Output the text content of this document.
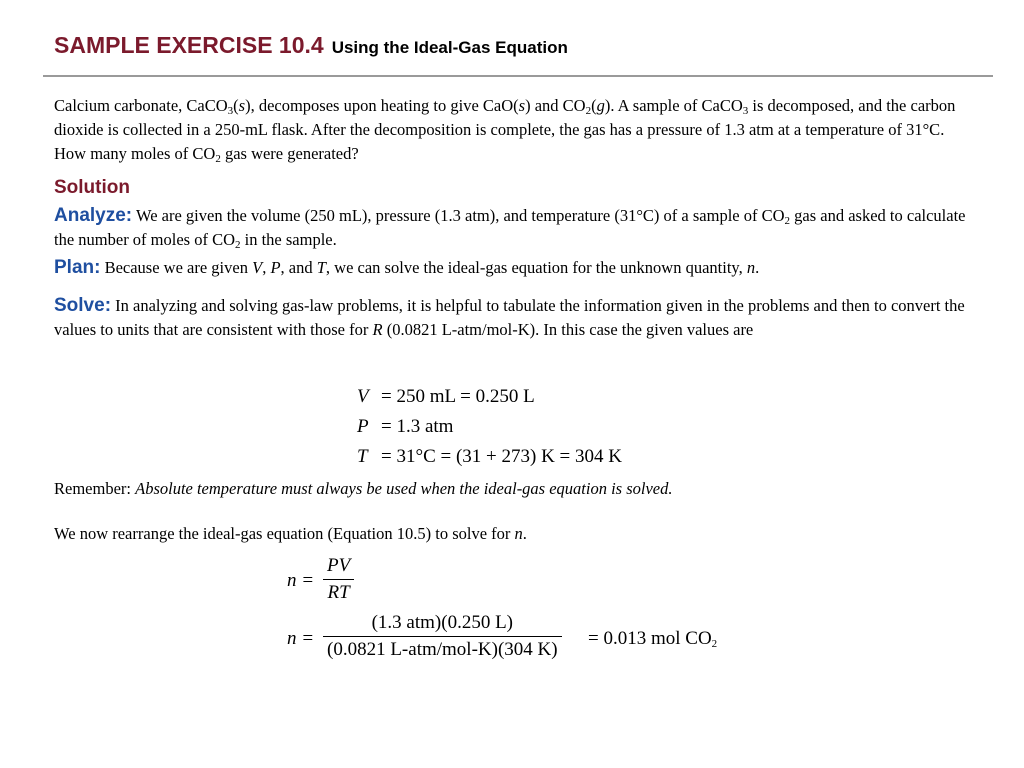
SAMPLE EXERCISE 10.4 Using the Ideal-Gas Equation
Calcium carbonate, CaCO$_3$(s), decomposes upon heating to give CaO(s) and $CO_2(g)$. A sample of CaCO$_3$ is decomposed, and the carbon dioxide is collected in a 250-mL flask. After the decomposition is complete, the gas has a pressure of 1.3 atm at a temperature of 31°C. How many moles of $CO_2$ gas were generated?
Solution
Analyze: We are given the volume (250 mL), pressure (1.3 atm), and temperature (31°C) of a sample of $CO_2$ gas and asked to calculate the number of moles of $CO_2$ in the sample.
Plan: Because we are given V, P, and T, we can solve the ideal-gas equation for the unknown quantity, n.
Solve: In analyzing and solving gas-law problems, it is helpful to tabulate the information given in the problems and then to convert the values to units that are consistent with those for R (0.0821 L-atm/mol-K). In this case the given values are
V = 250 mL = 0.250 L
P = 1.3 atm
T = 31°C = (31 + 273) K = 304 K
Remember: Absolute temperature must always be used when the ideal-gas equation is solved.
We now rearrange the ideal-gas equation (Equation 10.5) to solve for n.
$n = \frac{PV}{RT}$
n =
(1.3 atm)(0.250 L)
(0.0821 L-atm/mol-K)(304 K)
= 0.013 mol $CO_2$
